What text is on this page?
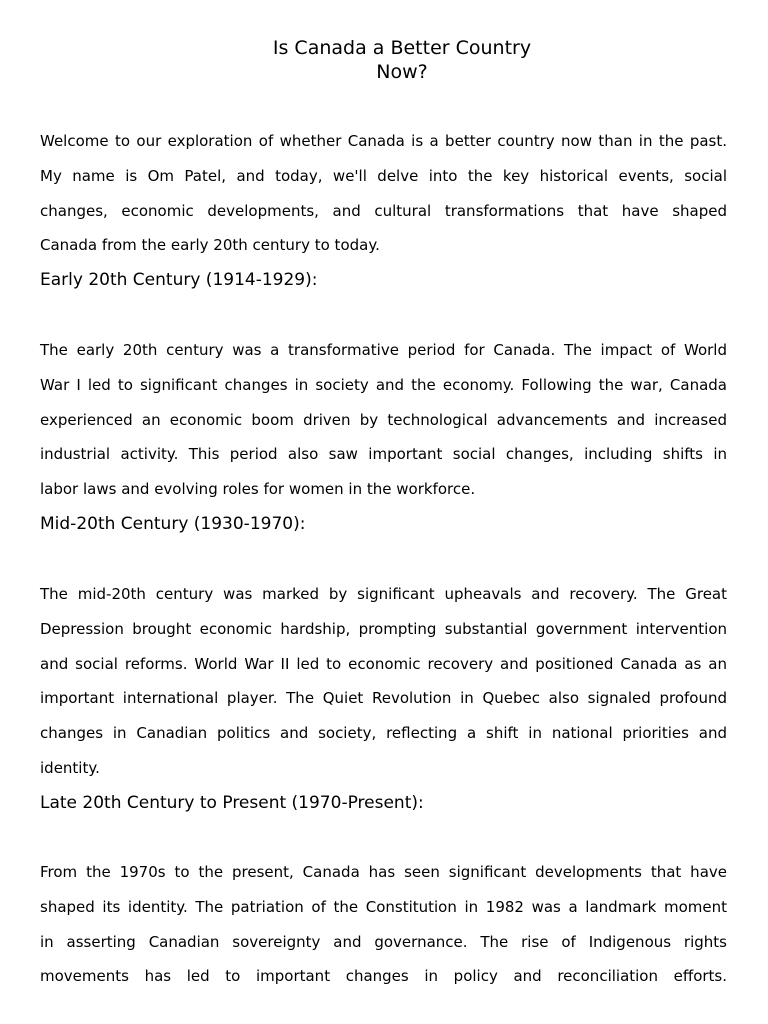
Is Canada a Better Country
Now?

Welcome to our exploration of whether Canada is a better country now than in the past.
My name is Om Patel, and today, we'll delve into the key historical events, social
changes, economic developments, and cultural transformations that have shaped
Canada from the early 20th century to today.

Early 20th Century (1914-1929):

The early 20th century was a transformative period for Canada. The impact of World
War I led to significant changes in society and the economy. Following the war, Canada
experienced an economic boom driven by technological advancements and increased
industrial activity. This period also saw important social changes, including shifts in
labor laws and evolving roles for women in the workforce.

Mid-20th Century (1930-1970):

The mid-20th century was marked by significant upheavals and recovery. The Great
Depression brought economic hardship, prompting substantial government intervention
and social reforms. World War II led to economic recovery and positioned Canada as an
important international player. The Quiet Revolution in Quebec also signaled profound
changes in Canadian politics and society, reflecting a shift in national priorities and
identity.

Late 20th Century to Present (1970-Present):

From the 1970s to the present, Canada has seen significant developments that have
shaped its identity. The patriation of the Constitution in 1982 was a landmark moment
in asserting Canadian sovereignty and governance. The rise of Indigenous rights
movements has led to important changes in policy and reconciliation efforts.
